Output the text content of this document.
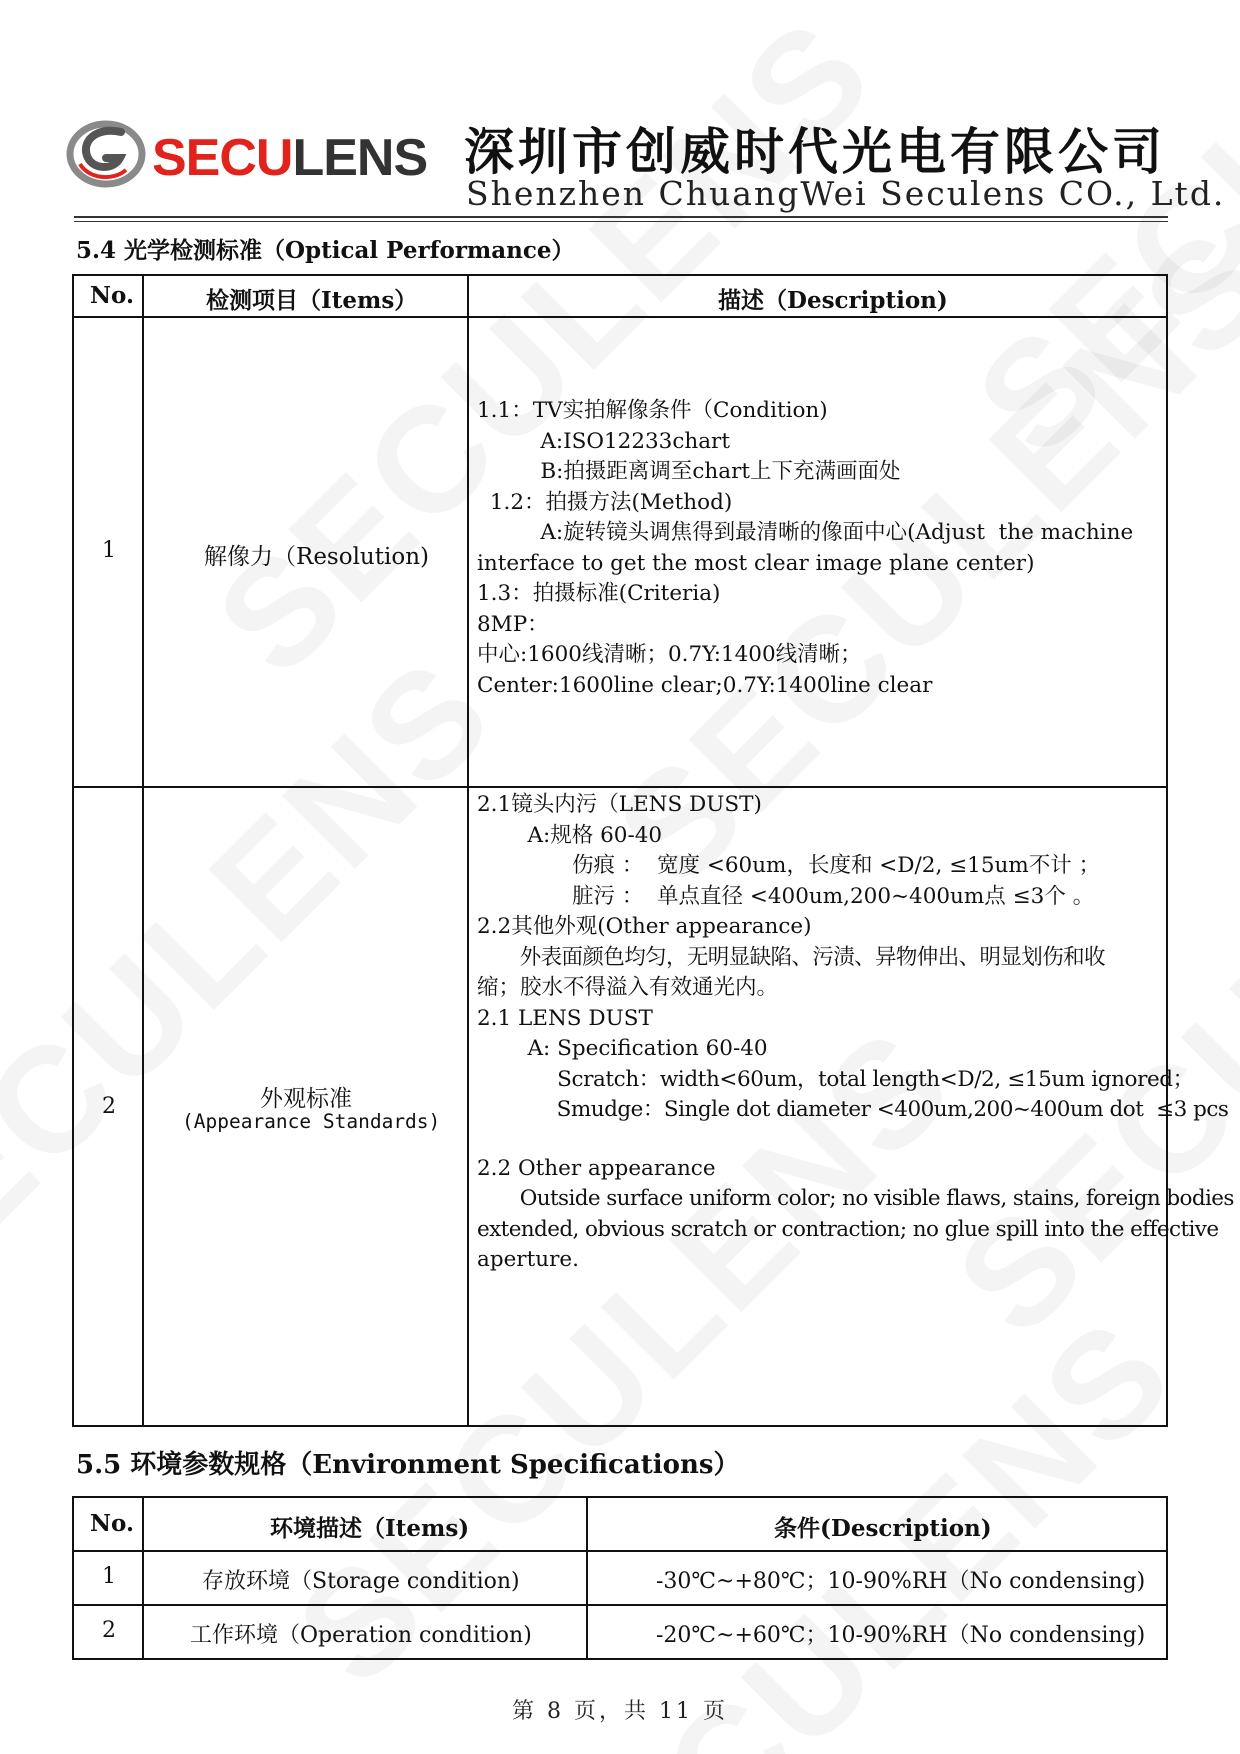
SECULENS 深圳市创威时代光电有限公司
Shenzhen ChuangWei Seculens CO., Ltd.
5.4 光学检测标准（Optical Performance）
No.	检测项目（Items）	描述（Description)
1	解像力（Resolution)
1.1：TV实拍解像条件（Condition)
A:ISO12233chart
B:拍摄距离调至chart上下充满画面处
1.2：拍摄方法(Method)
A:旋转镜头调焦得到最清晰的像面中心(Adjust  the machine
interface to get the most clear image plane center)
1.3：拍摄标准(Criteria)
8MP：
中心:1600线清晰；0.7Y:1400线清晰；
Center:1600line clear;0.7Y:1400line clear
2	外观标准
(Appearance Standards)
2.1镜头内污（LENS DUST)
A:规格 60-40
伤痕 ：  宽度 <60um，长度和 <D/2, ≤15um不计 ；
脏污 ：  单点直径 <400um,200~400um点 ≤3个 。
2.2其他外观(Other appearance)
外表面颜色均匀，无明显缺陷、污渍、异物伸出、明显划伤和收
缩；胶水不得溢入有效通光内。
2.1 LENS DUST
A: Specification 60-40
Scratch：width<60um，total length<D/2, ≤15um ignored；
Smudge：Single dot diameter <400um,200~400um dot  ≤3 pcs
2.2 Other appearance
Outside surface uniform color; no visible flaws, stains, foreign bodies
extended, obvious scratch or contraction; no glue spill into the effective
aperture.
5.5 环境参数规格（Environment Specifications）
No.	环境描述（Items)	条件(Description)
1	存放环境（Storage condition)	-30℃~+80℃；10-90%RH（No condensing)
2	工作环境（Operation condition)	-20℃~+60℃；10-90%RH（No condensing)
第 8 页，共 11 页
